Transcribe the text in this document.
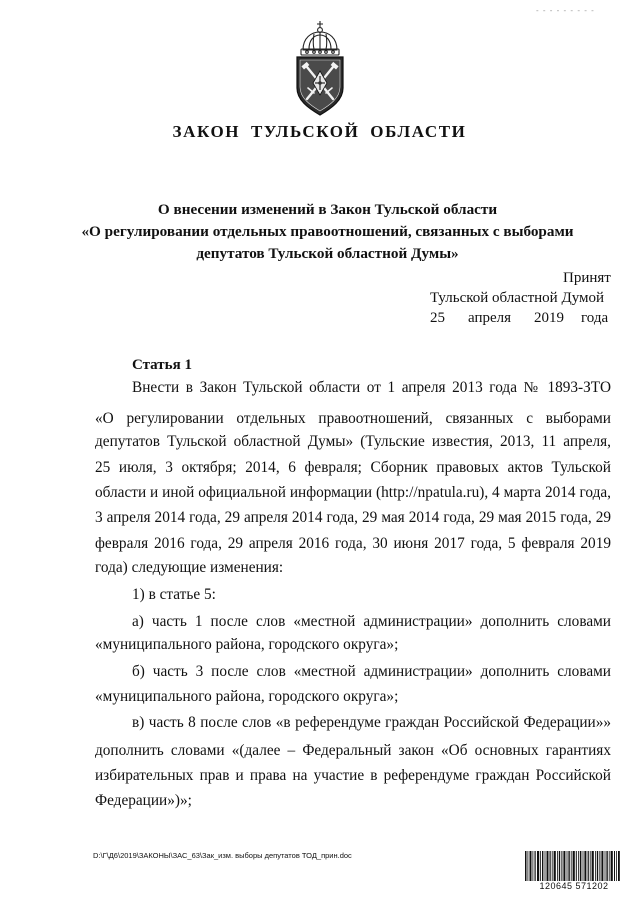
- - - - - - - - -
ЗАКОН ТУЛЬСКОЙ ОБЛАСТИ
О внесении изменений в Закон Тульской области
«О регулировании отдельных правоотношений, связанных с выборами
депутатов Тульской областной Думы»
Принят
Тульской областной Думой
25 апреля 2019 года
Статья 1
Внести в Закон Тульской области от 1 апреля 2013 года № 1893-ЗТО
«О регулировании отдельных правоотношений, связанных с выборами
депутатов Тульской областной Думы» (Тульские известия, 2013, 11 апреля,
25 июля, 3 октября; 2014, 6 февраля; Сборник правовых актов Тульской
области и иной официальной информации (http://npatula.ru), 4 марта 2014 года,
3 апреля 2014 года, 29 апреля 2014 года, 29 мая 2014 года, 29 мая 2015 года, 29
февраля 2016 года, 29 апреля 2016 года, 30 июня 2017 года, 5 февраля 2019
года) следующие изменения:
1) в статье 5:
а) часть 1 после слов «местной администрации» дополнить словами
«муниципального района, городского округа»;
б) часть 3 после слов «местной администрации» дополнить словами
«муниципального района, городского округа»;
в) часть 8 после слов «в референдуме граждан Российской Федерации»»
дополнить словами «(далее – Федеральный закон «Об основных гарантиях
избирательных прав и права на участие в референдуме граждан Российской
Федерации»)»;
D:\Г\Д6\2019\ЗАКОНЫ\ЗАС_63\Зак_изм. выборы депутатов ТОД_прин.doc
120645 571202
